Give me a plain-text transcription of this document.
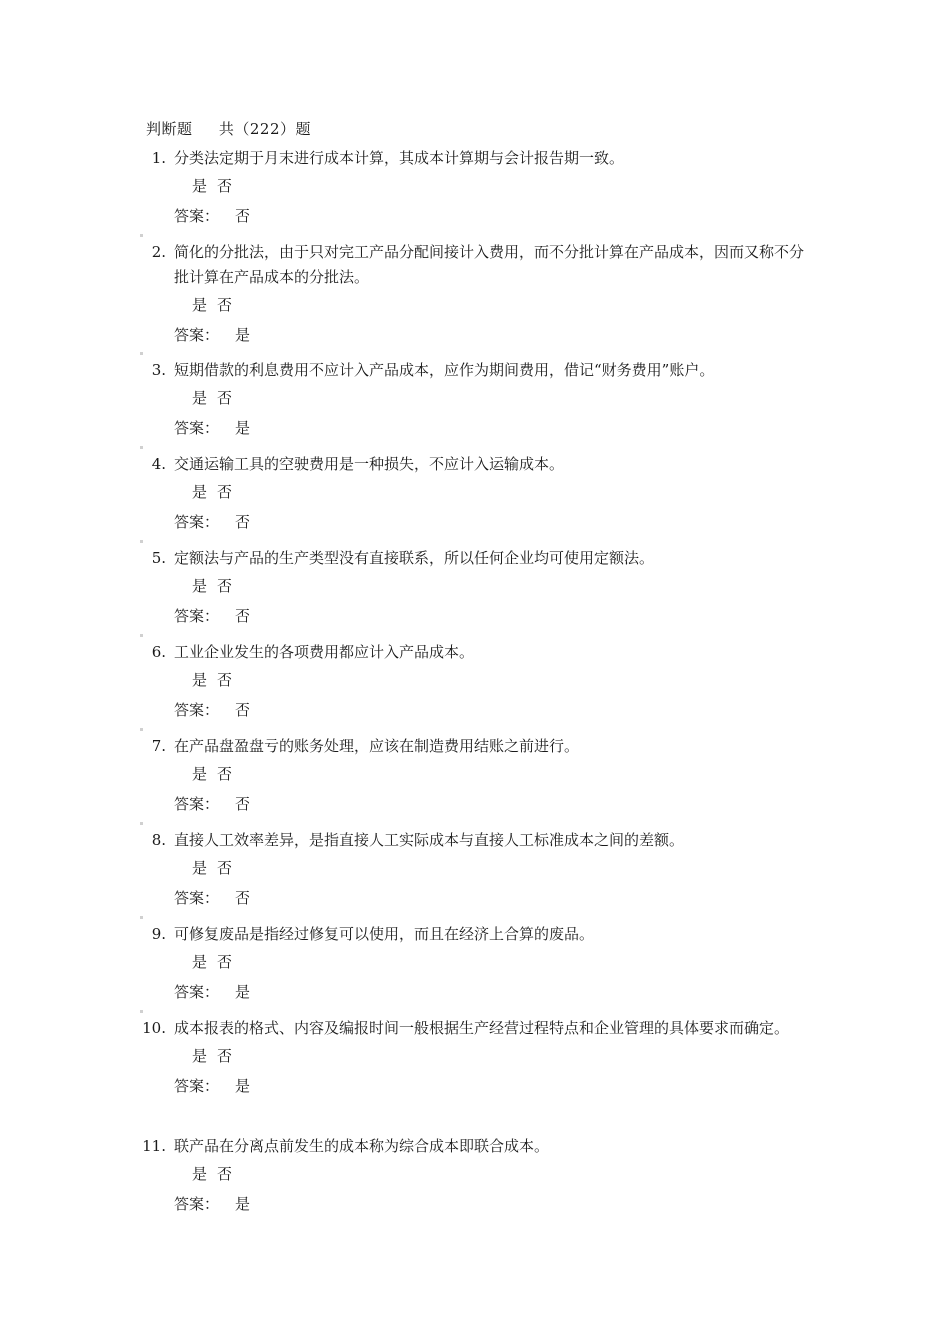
判断题 共（222）题
1. 分类法定期于月末进行成本计算，其成本计算期与会计报告期一致。
是 否
答案： 否
2. 简化的分批法，由于只对完工产品分配间接计入费用，而不分批计算在产品成本，因而又称不分批计算在产品成本的分批法。
是 否
答案： 是
3. 短期借款的利息费用不应计入产品成本，应作为期间费用，借记“财务费用”账户。
是 否
答案： 是
4. 交通运输工具的空驶费用是一种损失，不应计入运输成本。
是 否
答案： 否
5. 定额法与产品的生产类型没有直接联系，所以任何企业均可使用定额法。
是 否
答案： 否
6. 工业企业发生的各项费用都应计入产品成本。
是 否
答案： 否
7. 在产品盘盈盘亏的账务处理，应该在制造费用结账之前进行。
是 否
答案： 否
8. 直接人工效率差异，是指直接人工实际成本与直接人工标准成本之间的差额。
是 否
答案： 否
9. 可修复废品是指经过修复可以使用，而且在经济上合算的废品。
是 否
答案： 是
10. 成本报表的格式、内容及编报时间一般根据生产经营过程特点和企业管理的具体要求而确定。
是 否
答案： 是
11. 联产品在分离点前发生的成本称为综合成本即联合成本。
是 否
答案： 是
